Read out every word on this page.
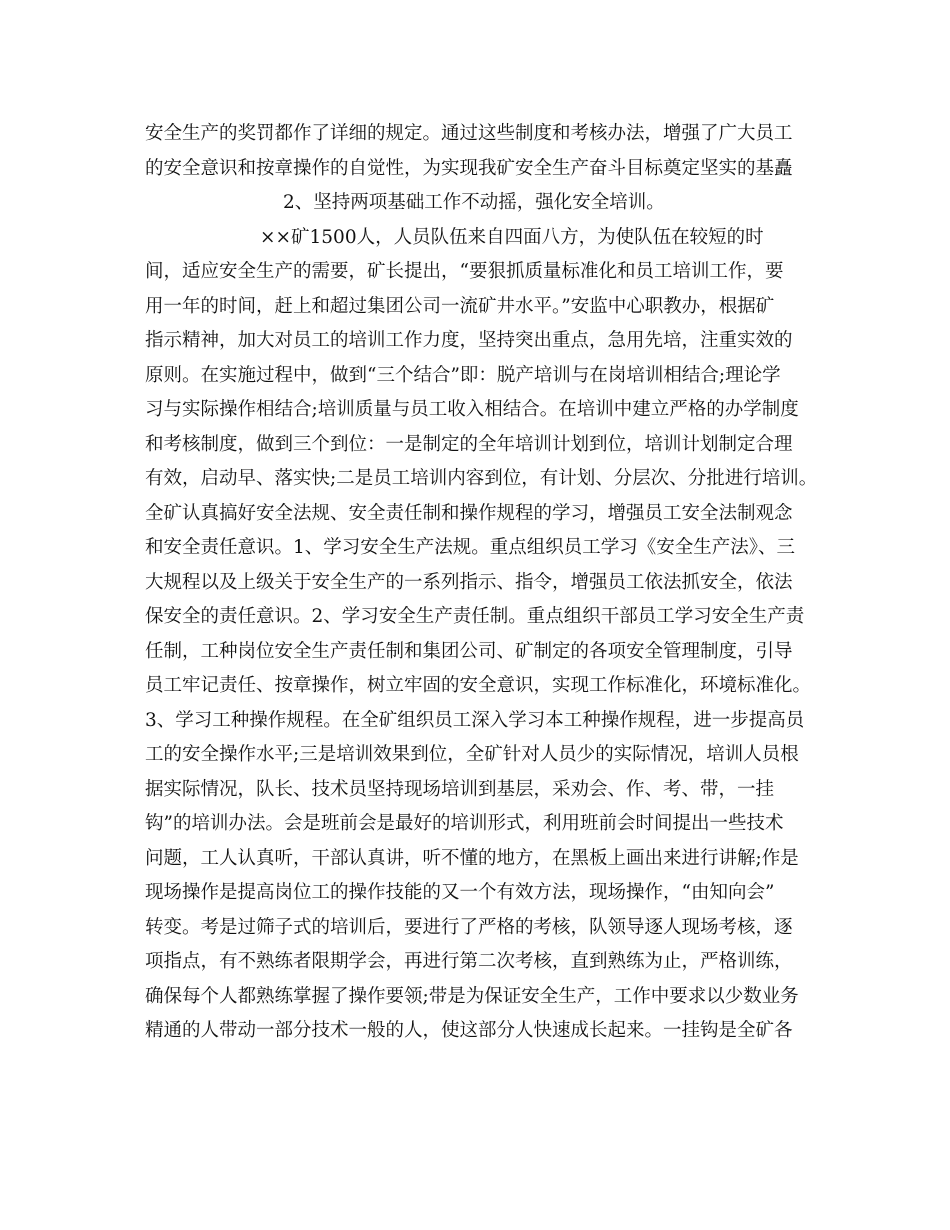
安全生产的奖罚都作了详细的规定。通过这些制度和考核办法，增强了广大员工
的安全意识和按章操作的自觉性，为实现我矿安全生产奋斗目标奠定坚实的基矗
2、坚持两项基础工作不动摇，强化安全培训。
××矿1500人，人员队伍来自四面八方，为使队伍在较短的时
间，适应安全生产的需要，矿长提出，“要狠抓质量标准化和员工培训工作，要
用一年的时间，赶上和超过集团公司一流矿井水平。”安监中心职教办，根据矿
指示精神，加大对员工的培训工作力度，坚持突出重点，急用先培，注重实效的
原则。在实施过程中，做到“三个结合”即：脱产培训与在岗培训相结合;理论学
习与实际操作相结合;培训质量与员工收入相结合。在培训中建立严格的办学制度
和考核制度，做到三个到位：一是制定的全年培训计划到位，培训计划制定合理
有效，启动早、落实快;二是员工培训内容到位，有计划、分层次、分批进行培训。
全矿认真搞好安全法规、安全责任制和操作规程的学习，增强员工安全法制观念
和安全责任意识。1、学习安全生产法规。重点组织员工学习《安全生产法》、三
大规程以及上级关于安全生产的一系列指示、指令，增强员工依法抓安全，依法
保安全的责任意识。2、学习安全生产责任制。重点组织干部员工学习安全生产责
任制，工种岗位安全生产责任制和集团公司、矿制定的各项安全管理制度，引导
员工牢记责任、按章操作，树立牢固的安全意识，实现工作标准化，环境标准化。
3、学习工种操作规程。在全矿组织员工深入学习本工种操作规程，进一步提高员
工的安全操作水平;三是培训效果到位，全矿针对人员少的实际情况，培训人员根
据实际情况，队长、技术员坚持现场培训到基层，采劝会、作、考、带，一挂
钩”的培训办法。会是班前会是最好的培训形式，利用班前会时间提出一些技术
问题，工人认真听，干部认真讲，听不懂的地方，在黑板上画出来进行讲解;作是
现场操作是提高岗位工的操作技能的又一个有效方法，现场操作，“由知向会”
转变。考是过筛子式的培训后，要进行了严格的考核，队领导逐人现场考核，逐
项指点，有不熟练者限期学会，再进行第二次考核，直到熟练为止，严格训练，
确保每个人都熟练掌握了操作要领;带是为保证安全生产，工作中要求以少数业务
精通的人带动一部分技术一般的人，使这部分人快速成长起来。一挂钩是全矿各
